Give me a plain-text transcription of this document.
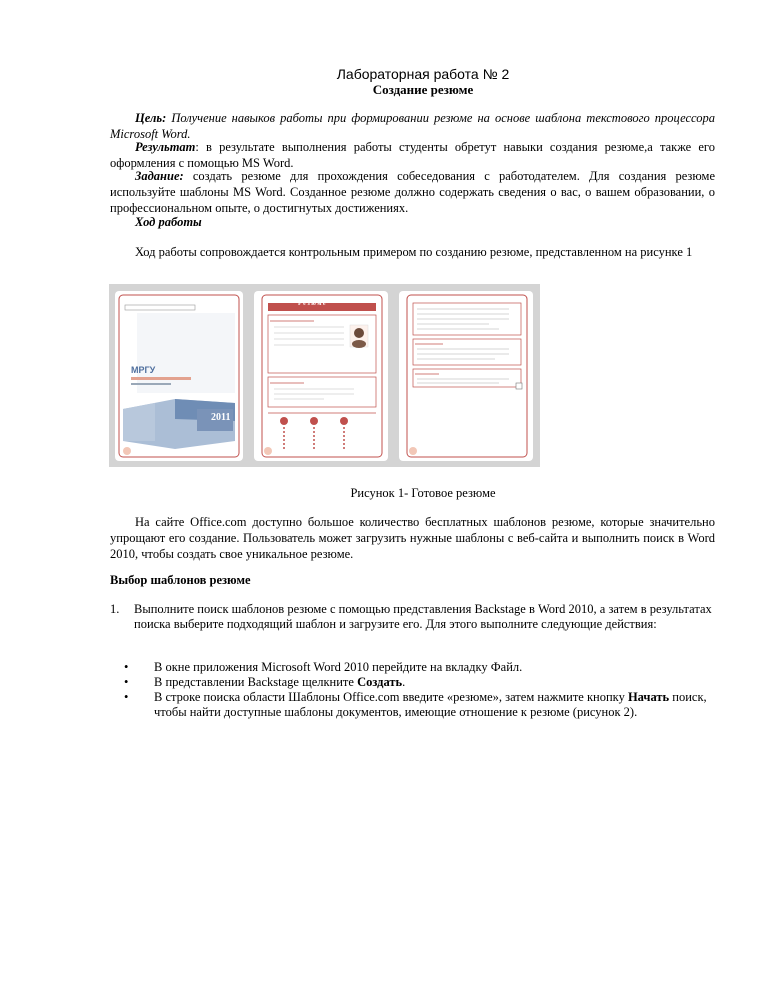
Лабораторная работа № 2
Создание резюме

Цель: Получение навыков работы при формировании резюме на основе шаблона текстового процессора Microsoft Word.

Результат: в результате выполнения работы студенты обретут навыки создания резюме,а также его оформления с помощью MS Word.

Задание: создать резюме для прохождения собеседования с работодателем. Для создания резюме используйте шаблоны MS Word. Созданное резюме должно содержать сведения о вас, о вашем образовании, о профессиональном опыте, о достигнутых достижениях.

Ход работы

Ход работы сопровождается контрольным примером по созданию резюме, представленном на рисунке 1

МРГУ
2011
Р е з ю м е
Рисунок 1- Готовое резюме

На сайте Office.com доступно большое количество бесплатных шаблонов резюме, которые значительно упрощают его создание. Пользователь может загрузить нужные шаблоны с веб-сайта и выполнить поиск в Word 2010, чтобы создать свое уникальное резюме.

Выбор шаблонов резюме
1. Выполните поиск шаблонов резюме с помощью представления Backstage в Word 2010, а затем в результатах поиска выберите подходящий шаблон и загрузите его. Для этого выполните следующие действия:
• В окне приложения Microsoft Word 2010 перейдите на вкладку Файл.
• В представлении Backstage щелкните Создать.
• В строке поиска области Шаблоны Office.com введите «резюме», затем нажмите кнопку Начать поиск, чтобы найти доступные шаблоны документов, имеющие отношение к резюме (рисунок 2).
